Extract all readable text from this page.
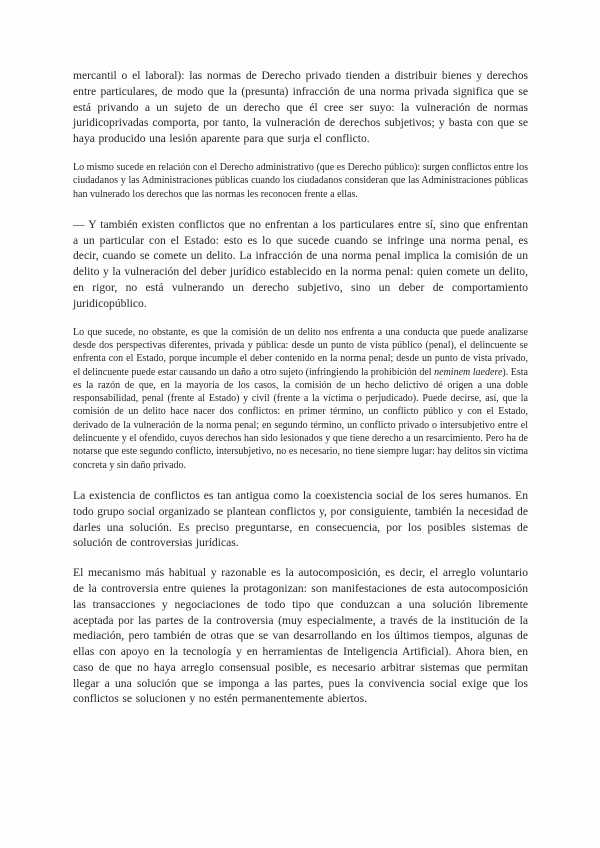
mercantil o el laboral): las normas de Derecho privado tienden a distribuir bienes y derechos entre particulares, de modo que la (presunta) infracción de una norma privada significa que se está privando a un sujeto de un derecho que él cree ser suyo: la vulneración de normas juridicoprivadas comporta, por tanto, la vulneración de derechos subjetivos; y basta con que se haya producido una lesión aparente para que surja el conflicto.

Lo mismo sucede en relación con el Derecho administrativo (que es Derecho público): surgen conflictos entre los ciudadanos y las Administraciones públicas cuando los ciudadanos consideran que las Administraciones públicas han vulnerado los derechos que las normas les reconocen frente a ellas.

— Y también existen conflictos que no enfrentan a los particulares entre sí, sino que enfrentan a un particular con el Estado: esto es lo que sucede cuando se infringe una norma penal, es decir, cuando se comete un delito. La infracción de una norma penal implica la comisión de un delito y la vulneración del deber jurídico establecido en la norma penal: quien comete un delito, en rigor, no está vulnerando un derecho subjetivo, sino un deber de comportamiento juridicopúblico.

Lo que sucede, no obstante, es que la comisión de un delito nos enfrenta a una conducta que puede analizarse desde dos perspectivas diferentes, privada y pública: desde un punto de vista público (penal), el delincuente se enfrenta con el Estado, porque incumple el deber contenido en la norma penal; desde un punto de vista privado, el delincuente puede estar causando un daño a otro sujeto (infringiendo la prohibición del neminem laedere). Esta es la razón de que, en la mayoría de los casos, la comisión de un hecho delictivo dé origen a una doble responsabilidad, penal (frente al Estado) y civil (frente a la víctima o perjudicado). Puede decirse, así, que la comisión de un delito hace nacer dos conflictos: en primer término, un conflicto público y con el Estado, derivado de la vulneración de la norma penal; en segundo término, un conflicto privado o intersubjetivo entre el delincuente y el ofendido, cuyos derechos han sido lesionados y que tiene derecho a un resarcimiento. Pero ha de notarse que este segundo conflicto, intersubjetivo, no es necesario, no tiene siempre lugar: hay delitos sin víctima concreta y sin daño privado.

La existencia de conflictos es tan antigua como la coexistencia social de los seres humanos. En todo grupo social organizado se plantean conflictos y, por consiguiente, también la necesidad de darles una solución. Es preciso preguntarse, en consecuencia, por los posibles sistemas de solución de controversias jurídicas.

El mecanismo más habitual y razonable es la autocomposición, es decir, el arreglo voluntario de la controversia entre quienes la protagonizan: son manifestaciones de esta autocomposición las transacciones y negociaciones de todo tipo que conduzcan a una solución libremente aceptada por las partes de la controversia (muy especialmente, a través de la institución de la mediación, pero también de otras que se van desarrollando en los últimos tiempos, algunas de ellas con apoyo en la tecnología y en herramientas de Inteligencia Artificial). Ahora bien, en caso de que no haya arreglo consensual posible, es necesario arbitrar sistemas que permitan llegar a una solución que se imponga a las partes, pues la convivencia social exige que los conflictos se solucionen y no estén permanentemente abiertos.
